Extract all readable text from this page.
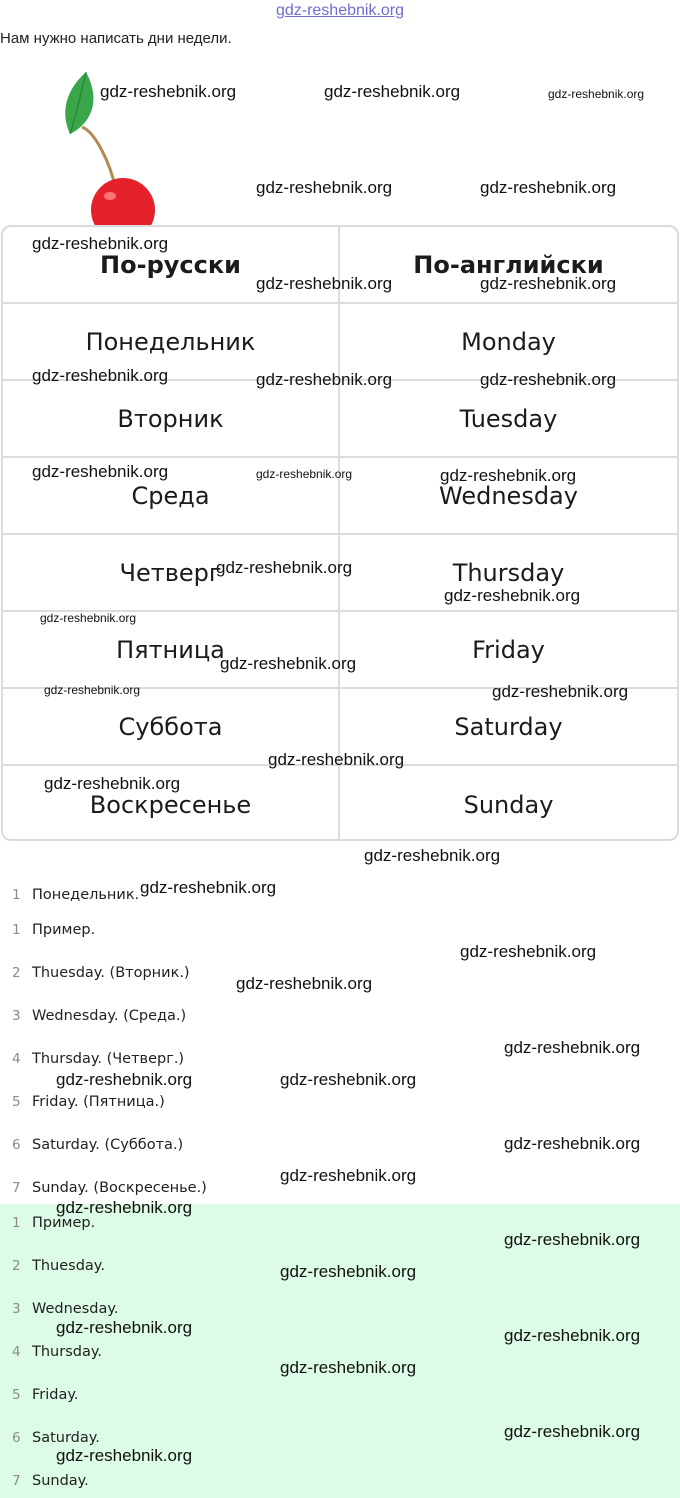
gdz-reshebnik.org
Нам нужно написать дни недели.
По-русски	По-английски
Понедельник	Monday
Вторник	Tuesday
Среда	Wednesday
Четверг	Thursday
Пятница	Friday
Суббота	Saturday
Воскресенье	Sunday
1 Понедельник.
1 Пример.
2 Thuesday. (Вторник.)
3 Wednesday. (Среда.)
4 Thursday. (Четверг.)
5 Friday. (Пятница.)
6 Saturday. (Суббота.)
7 Sunday. (Воскресенье.)
1 Пример.
2 Thuesday.
3 Wednesday.
4 Thursday.
5 Friday.
6 Saturday.
7 Sunday.
gdz-reshebnik.org	gdz-reshebnik.org	gdz-reshebnik.org
gdz-reshebnik.org	gdz-reshebnik.org
gdz-reshebnik.org
gdz-reshebnik.org	gdz-reshebnik.org
gdz-reshebnik.org	gdz-reshebnik.org	gdz-reshebnik.org
gdz-reshebnik.org	gdz-reshebnik.org	gdz-reshebnik.org
gdz-reshebnik.org
gdz-reshebnik.org
gdz-reshebnik.org
gdz-reshebnik.org
gdz-reshebnik.org	gdz-reshebnik.org
gdz-reshebnik.org
gdz-reshebnik.org
gdz-reshebnik.org
gdz-reshebnik.org
gdz-reshebnik.org
gdz-reshebnik.org
gdz-reshebnik.org
gdz-reshebnik.org	gdz-reshebnik.org
gdz-reshebnik.org
gdz-reshebnik.org
gdz-reshebnik.org
gdz-reshebnik.org
gdz-reshebnik.org
gdz-reshebnik.org	gdz-reshebnik.org
gdz-reshebnik.org
gdz-reshebnik.org
gdz-reshebnik.org
